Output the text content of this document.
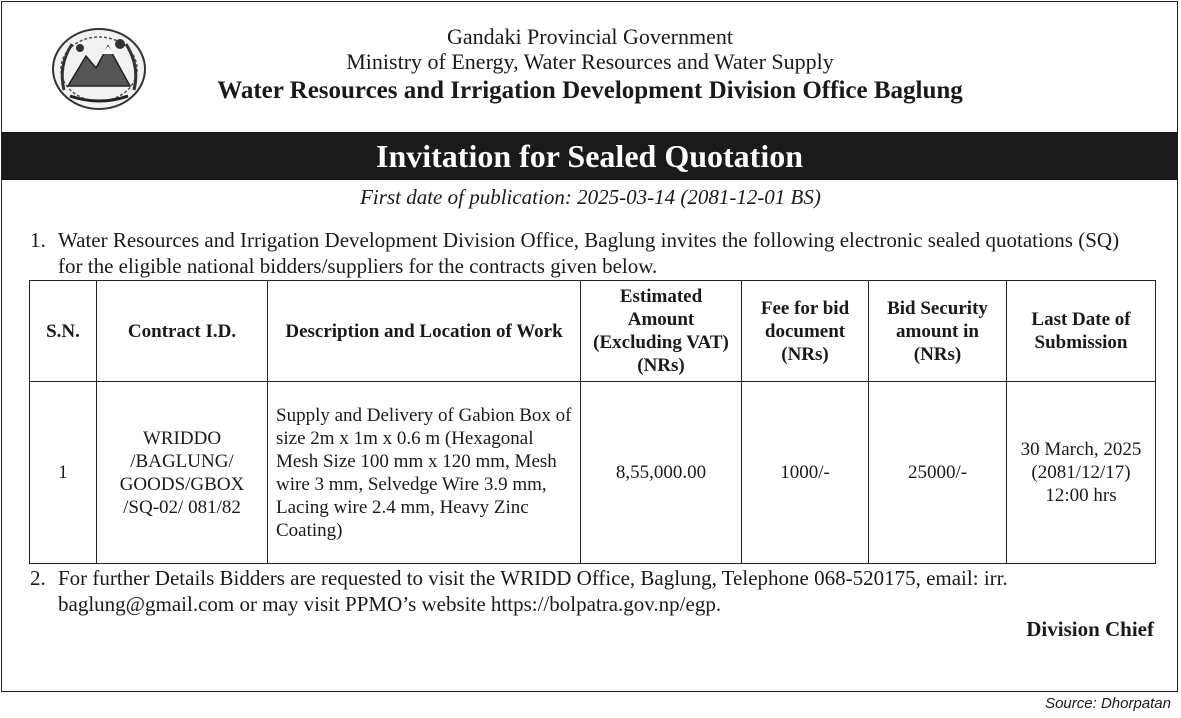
Gandaki Provincial Government
Ministry of Energy, Water Resources and Water Supply
Water Resources and Irrigation Development Division Office Baglung
Invitation for Sealed Quotation
First date of publication: 2025-03-14 (2081-12-01 BS)
1. Water Resources and Irrigation Development Division Office, Baglung invites the following electronic sealed quotations (SQ) for the eligible national bidders/suppliers for the contracts given below.
S.N.	Contract I.D.	Description and Location of Work	Estimated Amount (Excluding VAT) (NRs)	Fee for bid document (NRs)	Bid Security amount in (NRs)	Last Date of Submission
1	WRIDDO /BAGLUNG/ GOODS/GBOX /SQ-02/ 081/82	Supply and Delivery of Gabion Box of size 2m x 1m x 0.6 m (Hexagonal Mesh Size 100 mm x 120 mm, Mesh wire 3 mm, Selvedge Wire 3.9 mm, Lacing wire 2.4 mm, Heavy Zinc Coating)	8,55,000.00	1000/-	25000/-	30 March, 2025 (2081/12/17) 12:00 hrs
2. For further Details Bidders are requested to visit the WRIDD Office, Baglung, Telephone 068-520175, email: irr. baglung@gmail.com or may visit PPMO’s website https://bolpatra.gov.np/egp.
Division Chief
Source: Dhorpatan
